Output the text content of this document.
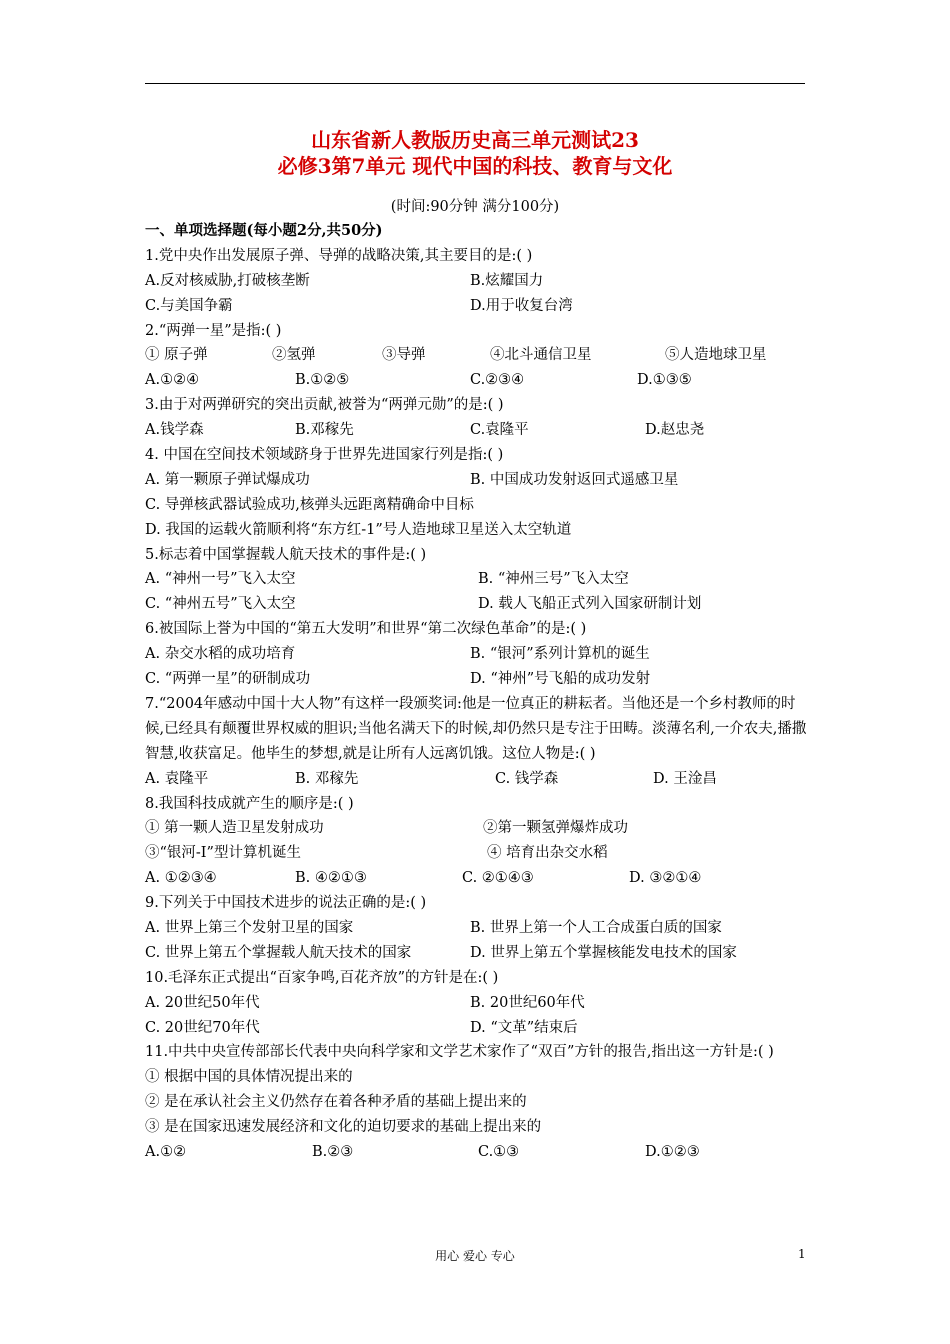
山东省新人教版历史高三单元测试23
必修3第7单元 现代中国的科技、教育与文化
(时间:90分钟 满分100分)
一、单项选择题(每小题2分,共50分)
1.党中央作出发展原子弹、导弹的战略决策,其主要目的是:( )
A.反对核威胁,打破核垄断	B.炫耀国力
C.与美国争霸	D.用于收复台湾
2.“两弹一星”是指:( )
① 原子弹	②氢弹	③导弹	④北斗通信卫星	⑤人造地球卫星
A.①②④	B.①②⑤	C.②③④	D.①③⑤
3.由于对两弹研究的突出贡献,被誉为“两弹元勋”的是:( )
A.钱学森	B.邓稼先	C.袁隆平	D.赵忠尧
4. 中国在空间技术领域跻身于世界先进国家行列是指:( )
A. 第一颗原子弹试爆成功	B. 中国成功发射返回式遥感卫星
C. 导弹核武器试验成功,核弹头远距离精确命中目标
D. 我国的运载火箭顺利将“东方红-1”号人造地球卫星送入太空轨道
5.标志着中国掌握载人航天技术的事件是:( )
A. “神州一号”飞入太空	B. “神州三号”飞入太空
C. “神州五号”飞入太空	D. 载人飞船正式列入国家研制计划
6.被国际上誉为中国的“第五大发明”和世界“第二次绿色革命”的是:( )
A. 杂交水稻的成功培育	B. “银河”系列计算机的诞生
C. “两弹一星”的研制成功	D. “神州”号飞船的成功发射
7.“2004年感动中国十大人物”有这样一段颁奖词:他是一位真正的耕耘者。当他还是一个乡村教师的时候,已经具有颠覆世界权威的胆识;当他名满天下的时候,却仍然只是专注于田畴。淡薄名利,一介农夫,播撒智慧,收获富足。他毕生的梦想,就是让所有人远离饥饿。这位人物是:( )
A. 袁隆平	B. 邓稼先	C. 钱学森	D. 王淦昌
8.我国科技成就产生的顺序是:( )
① 第一颗人造卫星发射成功	②第一颗氢弹爆炸成功
③“银河-I”型计算机诞生	④ 培育出杂交水稻
A. ①②③④	B. ④②①③	C. ②①④③	D. ③②①④
9.下列关于中国技术进步的说法正确的是:( )
A. 世界上第三个发射卫星的国家	B. 世界上第一个人工合成蛋白质的国家
C. 世界上第五个掌握载人航天技术的国家	D. 世界上第五个掌握核能发电技术的国家
10.毛泽东正式提出“百家争鸣,百花齐放”的方针是在:( )
A. 20世纪50年代	B. 20世纪60年代
C. 20世纪70年代	D. “文革”结束后
11.中共中央宣传部部长代表中央向科学家和文学艺术家作了“双百”方针的报告,指出这一方针是:( )
① 根据中国的具体情况提出来的
② 是在承认社会主义仍然存在着各种矛盾的基础上提出来的
③ 是在国家迅速发展经济和文化的迫切要求的基础上提出来的
A.①②	B.②③	C.①③	D.①②③
用心 爱心 专心	1
